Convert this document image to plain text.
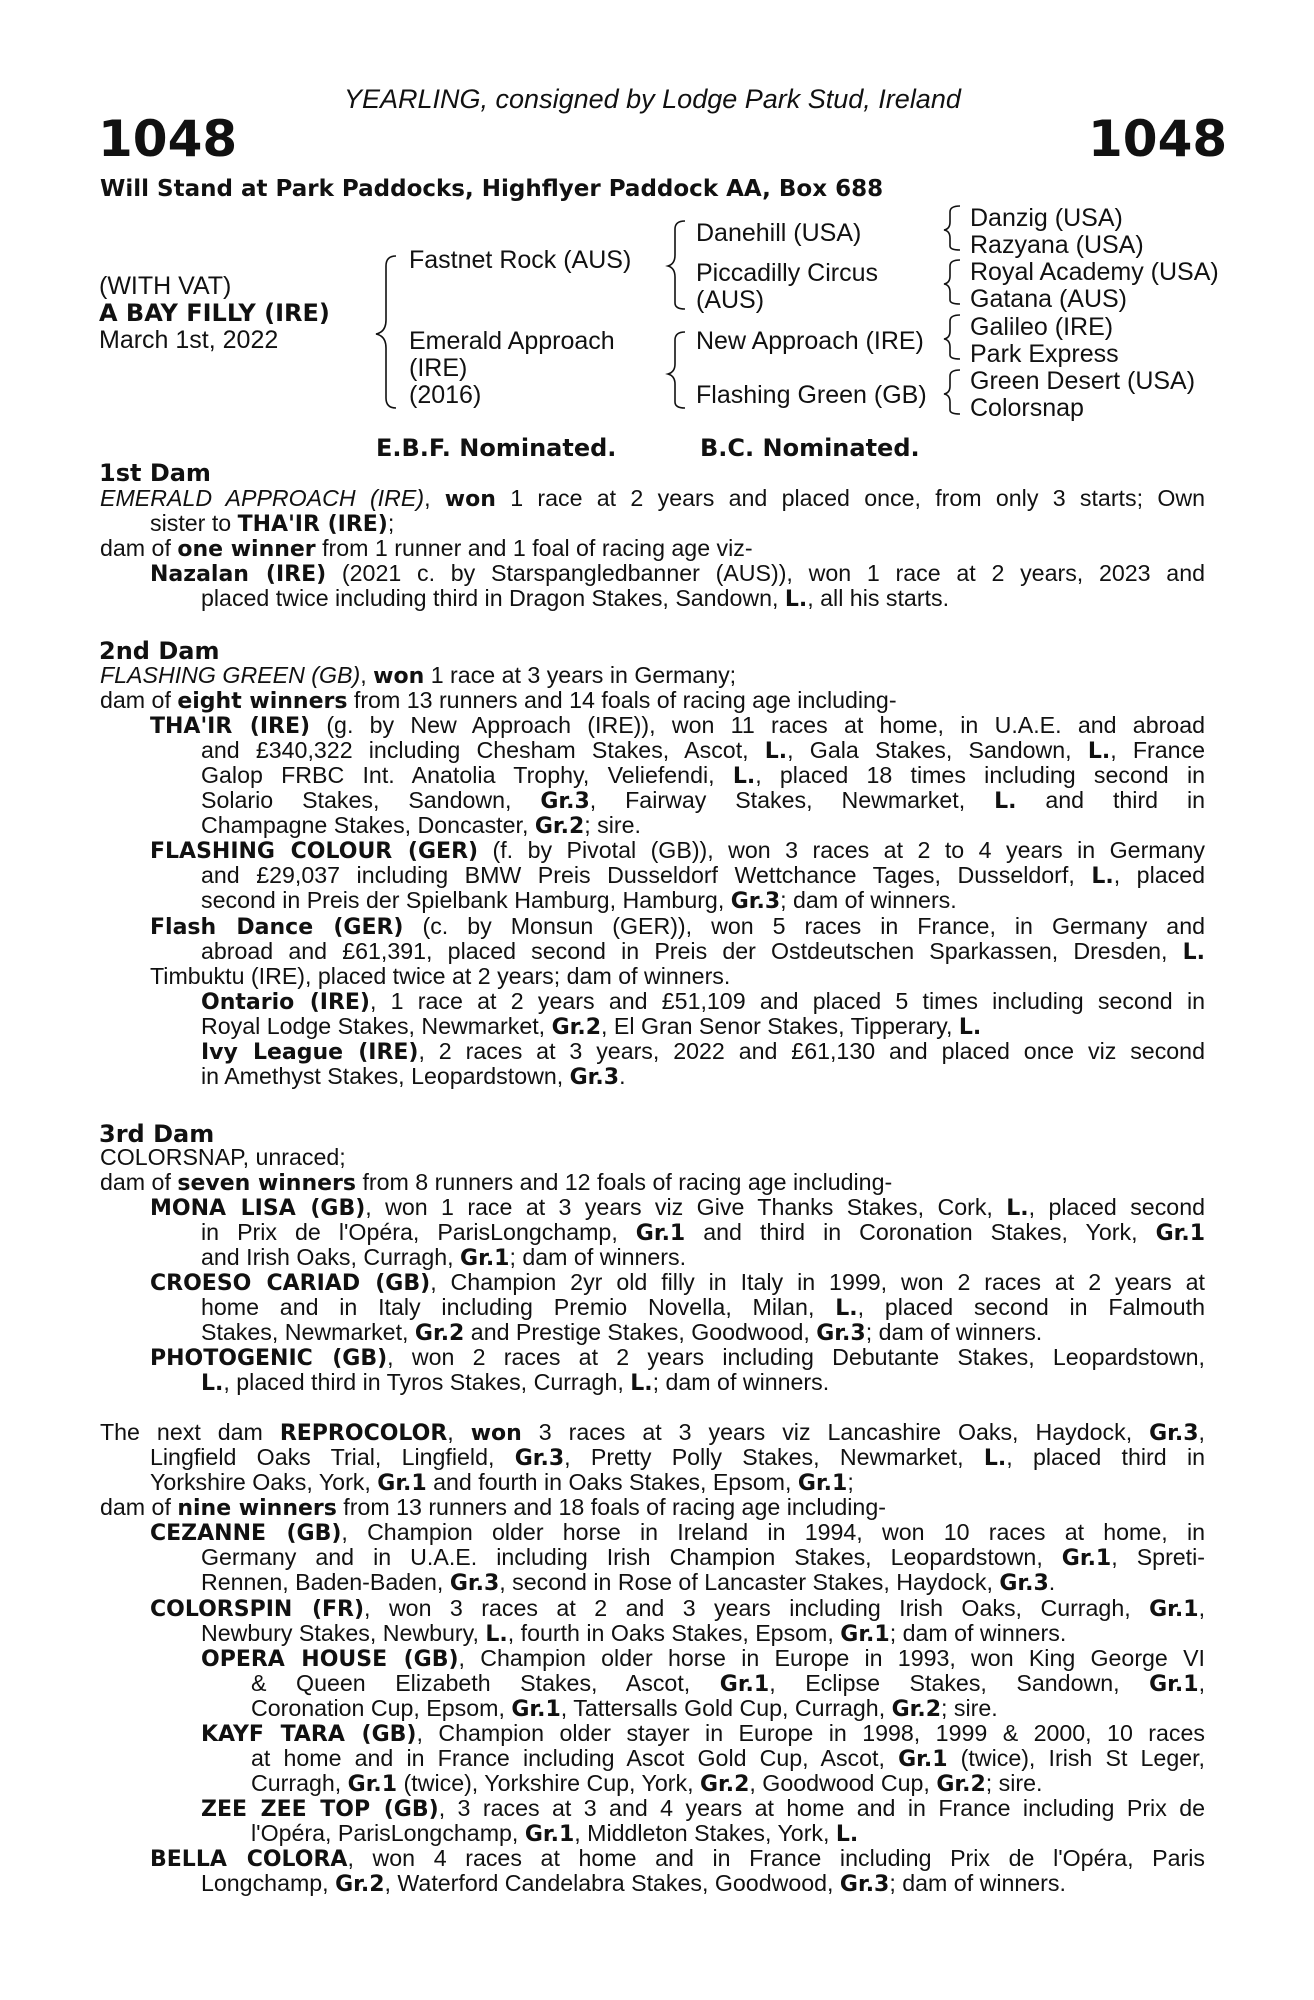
YEARLING, consigned by Lodge Park Stud, Ireland
1048	1048
Will Stand at Park Paddocks, Highflyer Paddock AA, Box 688
(WITH VAT)
A BAY FILLY (IRE)
March 1st, 2022
Fastnet Rock (AUS)
Emerald Approach
(IRE)
(2016)
Danehill (USA)
Piccadilly Circus
(AUS)
New Approach (IRE)
Flashing Green (GB)
Danzig (USA)
Razyana (USA)
Royal Academy (USA)
Gatana (AUS)
Galileo (IRE)
Park Express
Green Desert (USA)
Colorsnap
E.B.F. Nominated.	B.C. Nominated.
1st Dam
2nd Dam
3rd Dam
EMERALD APPROACH (IRE), won 1 race at 2 years and placed once, from only 3 starts; Own
sister to THA'IR (IRE);
dam of one winner from 1 runner and 1 foal of racing age viz-
Nazalan (IRE) (2021 c. by Starspangledbanner (AUS)), won 1 race at 2 years, 2023 and
placed twice including third in Dragon Stakes, Sandown, L., all his starts.
FLASHING GREEN (GB), won 1 race at 3 years in Germany;
dam of eight winners from 13 runners and 14 foals of racing age including-
THA'IR (IRE) (g. by New Approach (IRE)), won 11 races at home, in U.A.E. and abroad
and £340,322 including Chesham Stakes, Ascot, L., Gala Stakes, Sandown, L., France
Galop FRBC Int. Anatolia Trophy, Veliefendi, L., placed 18 times including second in
Solario Stakes, Sandown, Gr.3, Fairway Stakes, Newmarket, L. and third in
Champagne Stakes, Doncaster, Gr.2; sire.
FLASHING COLOUR (GER) (f. by Pivotal (GB)), won 3 races at 2 to 4 years in Germany
and £29,037 including BMW Preis Dusseldorf Wettchance Tages, Dusseldorf, L., placed
second in Preis der Spielbank Hamburg, Hamburg, Gr.3; dam of winners.
Flash Dance (GER) (c. by Monsun (GER)), won 5 races in France, in Germany and
abroad and £61,391, placed second in Preis der Ostdeutschen Sparkassen, Dresden, L.
Timbuktu (IRE), placed twice at 2 years; dam of winners.
Ontario (IRE), 1 race at 2 years and £51,109 and placed 5 times including second in
Royal Lodge Stakes, Newmarket, Gr.2, El Gran Senor Stakes, Tipperary, L.
Ivy League (IRE), 2 races at 3 years, 2022 and £61,130 and placed once viz second
in Amethyst Stakes, Leopardstown, Gr.3.
COLORSNAP, unraced;
dam of seven winners from 8 runners and 12 foals of racing age including-
MONA LISA (GB), won 1 race at 3 years viz Give Thanks Stakes, Cork, L., placed second
in Prix de l'Opéra, ParisLongchamp, Gr.1 and third in Coronation Stakes, York, Gr.1
and Irish Oaks, Curragh, Gr.1; dam of winners.
CROESO CARIAD (GB), Champion 2yr old filly in Italy in 1999, won 2 races at 2 years at
home and in Italy including Premio Novella, Milan, L., placed second in Falmouth
Stakes, Newmarket, Gr.2 and Prestige Stakes, Goodwood, Gr.3; dam of winners.
PHOTOGENIC (GB), won 2 races at 2 years including Debutante Stakes, Leopardstown,
L., placed third in Tyros Stakes, Curragh, L.; dam of winners.
The next dam REPROCOLOR, won 3 races at 3 years viz Lancashire Oaks, Haydock, Gr.3,
Lingfield Oaks Trial, Lingfield, Gr.3, Pretty Polly Stakes, Newmarket, L., placed third in
Yorkshire Oaks, York, Gr.1 and fourth in Oaks Stakes, Epsom, Gr.1;
dam of nine winners from 13 runners and 18 foals of racing age including-
CEZANNE (GB), Champion older horse in Ireland in 1994, won 10 races at home, in
Germany and in U.A.E. including Irish Champion Stakes, Leopardstown, Gr.1, Spreti-
Rennen, Baden-Baden, Gr.3, second in Rose of Lancaster Stakes, Haydock, Gr.3.
COLORSPIN (FR), won 3 races at 2 and 3 years including Irish Oaks, Curragh, Gr.1,
Newbury Stakes, Newbury, L., fourth in Oaks Stakes, Epsom, Gr.1; dam of winners.
OPERA HOUSE (GB), Champion older horse in Europe in 1993, won King George VI
& Queen Elizabeth Stakes, Ascot, Gr.1, Eclipse Stakes, Sandown, Gr.1,
Coronation Cup, Epsom, Gr.1, Tattersalls Gold Cup, Curragh, Gr.2; sire.
KAYF TARA (GB), Champion older stayer in Europe in 1998, 1999 & 2000, 10 races
at home and in France including Ascot Gold Cup, Ascot, Gr.1 (twice), Irish St Leger,
Curragh, Gr.1 (twice), Yorkshire Cup, York, Gr.2, Goodwood Cup, Gr.2; sire.
ZEE ZEE TOP (GB), 3 races at 3 and 4 years at home and in France including Prix de
l'Opéra, ParisLongchamp, Gr.1, Middleton Stakes, York, L.
BELLA COLORA, won 4 races at home and in France including Prix de l'Opéra, Paris
Longchamp, Gr.2, Waterford Candelabra Stakes, Goodwood, Gr.3; dam of winners.
